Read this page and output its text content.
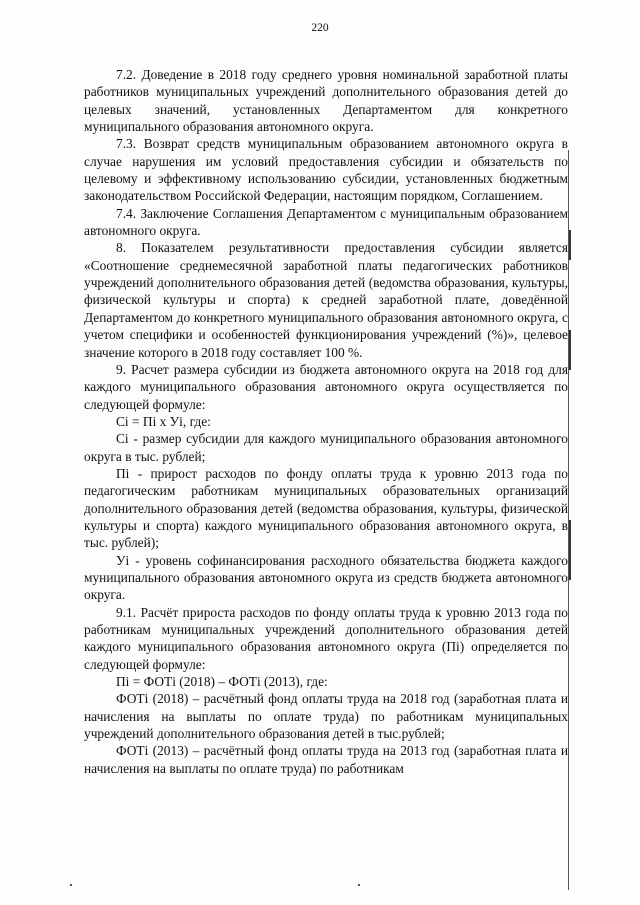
220

7.2. Доведение в 2018 году среднего уровня номинальной заработной платы работников муниципальных учреждений дополнительного образования детей до целевых значений, установленных Департаментом для конкретного муниципального образования автономного округа.

7.3. Возврат средств муниципальным образованием автономного округа в случае нарушения им условий предоставления субсидии и обязательств по целевому и эффективному использованию субсидии, установленных бюджетным законодательством Российской Федерации, настоящим порядком, Соглашением.

7.4. Заключение Соглашения Департаментом с муниципальным образованием автономного округа.

8. Показателем результативности предоставления субсидии является «Соотношение среднемесячной заработной платы педагогических работников учреждений дополнительного образования детей (ведомства образования, культуры, физической культуры и спорта) к средней заработной плате, доведённой Департаментом до конкретного муниципального образования автономного округа, с учетом специфики и особенностей функционирования учреждений (%)», целевое значение которого в 2018 году составляет 100 %.

9. Расчет размера субсидии из бюджета автономного округа на 2018 год для каждого муниципального образования автономного округа осуществляется по следующей формуле:

Ci = Пi x Уi, где:

Ci - размер субсидии для каждого муниципального образования автономного округа в тыс. рублей;

Пi - прирост расходов по фонду оплаты труда к уровню 2013 года по педагогическим работникам муниципальных образовательных организаций дополнительного образования детей (ведомства образования, культуры, физической культуры и спорта) каждого муниципального образования автономного округа, в тыс. рублей);

Уi - уровень софинансирования расходного обязательства бюджета каждого муниципального образования автономного округа из средств бюджета автономного округа.

9.1. Расчёт прироста расходов по фонду оплаты труда к уровню 2013 года по работникам муниципальных учреждений дополнительного образования детей каждого муниципального образования автономного округа (Пi) определяется по следующей формуле:

Пi = ФОТi (2018) – ФОТi (2013), где:

ФОТi (2018) – расчётный фонд оплаты труда на 2018 год (заработная плата и начисления на выплаты по оплате труда) по работникам муниципальных учреждений дополнительного образования детей в тыс.рублей;

ФОТi (2013) – расчётный фонд оплаты труда на 2013 год (заработная плата и начисления на выплаты по оплате труда) по работникам
